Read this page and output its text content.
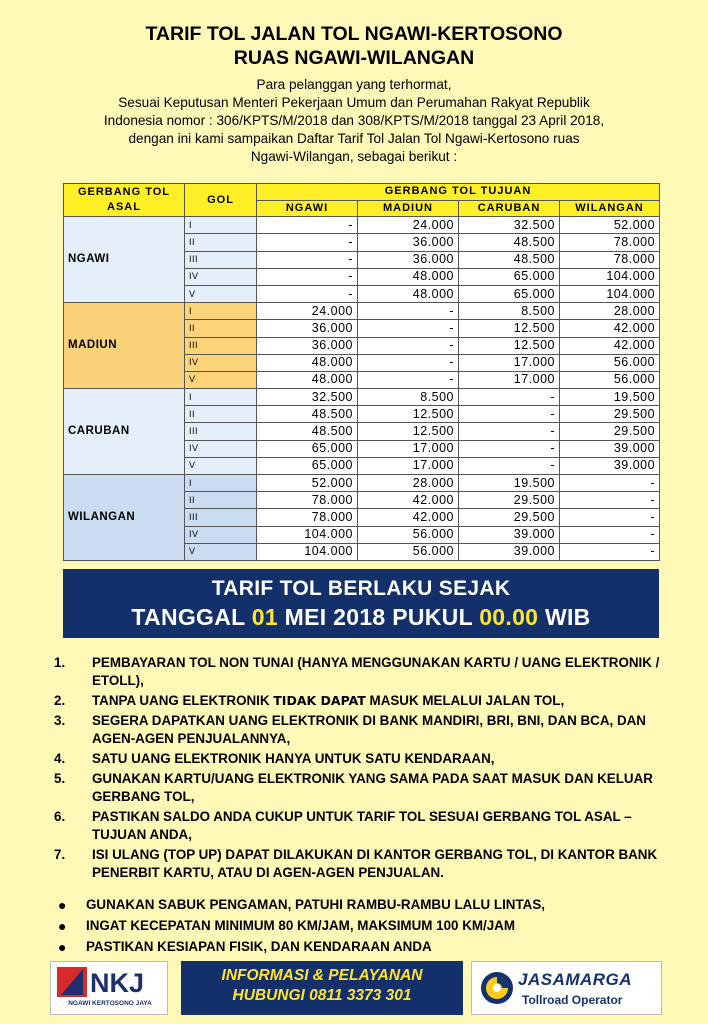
TARIF TOL JALAN TOL NGAWI-KERTOSONO
RUAS NGAWI-WILANGAN
Para pelanggan yang terhormat,
Sesuai Keputusan Menteri Pekerjaan Umum dan Perumahan Rakyat Republik
Indonesia nomor : 306/KPTS/M/2018 dan 308/KPTS/M/2018 tanggal 23 April 2018,
dengan ini kami sampaikan Daftar Tarif Tol Jalan Tol Ngawi-Kertosono ruas
Ngawi-Wilangan, sebagai berikut :
GERBANG TOL ASAL	GOL	GERBANG TOL TUJUAN			
		NGAWI	MADIUN	CARUBAN	WILANGAN
NGAWI	I	-	24.000	32.500	52.000
	II	-	36.000	48.500	78.000
	III	-	36.000	48.500	78.000
	IV	-	48.000	65.000	104.000
	V	-	48.000	65.000	104.000
MADIUN	I	24.000	-	8.500	28.000
	II	36.000	-	12.500	42.000
	III	36.000	-	12.500	42.000
	IV	48.000	-	17.000	56.000
	V	48.000	-	17.000	56.000
CARUBAN	I	32.500	8.500	-	19.500
	II	48.500	12.500	-	29.500
	III	48.500	12.500	-	29.500
	IV	65.000	17.000	-	39.000
	V	65.000	17.000	-	39.000
WILANGAN	I	52.000	28.000	19.500	-
	II	78.000	42.000	29.500	-
	III	78.000	42.000	29.500	-
	IV	104.000	56.000	39.000	-
	V	104.000	56.000	39.000	-
TARIF TOL BERLAKU SEJAK
TANGGAL 01 MEI 2018 PUKUL 00.00 WIB
1.	PEMBAYARAN TOL NON TUNAI (HANYA MENGGUNAKAN KARTU / UANG ELEKTRONIK / ETOLL),
2.	TANPA UANG ELEKTRONIK TIDAK DAPAT MASUK MELALUI JALAN TOL,
3.	SEGERA DAPATKAN UANG ELEKTRONIK DI BANK MANDIRI, BRI, BNI, DAN BCA, DAN AGEN-AGEN PENJUALANNYA,
4.	SATU UANG ELEKTRONIK HANYA UNTUK SATU KENDARAAN,
5.	GUNAKAN KARTU/UANG ELEKTRONIK YANG SAMA PADA SAAT MASUK DAN KELUAR GERBANG TOL,
6.	PASTIKAN SALDO ANDA CUKUP UNTUK TARIF TOL SESUAI GERBANG TOL ASAL – TUJUAN ANDA,
7.	ISI ULANG (TOP UP) DAPAT DILAKUKAN DI KANTOR GERBANG TOL, DI KANTOR BANK PENERBIT KARTU, ATAU DI AGEN-AGEN PENJUALAN.
●
GUNAKAN SABUK PENGAMAN, PATUHI RAMBU-RAMBU LALU LINTAS,
●
INGAT KECEPATAN MINIMUM 80 KM/JAM, MAKSIMUM 100 KM/JAM
●
PASTIKAN KESIAPAN FISIK, DAN KENDARAAN ANDA
NKJ
NGAWI KERTOSONO JAYA
INFORMASI & PELAYANAN
HUBUNGI 0811 3373 301
JASAMARGA
Tollroad Operator
